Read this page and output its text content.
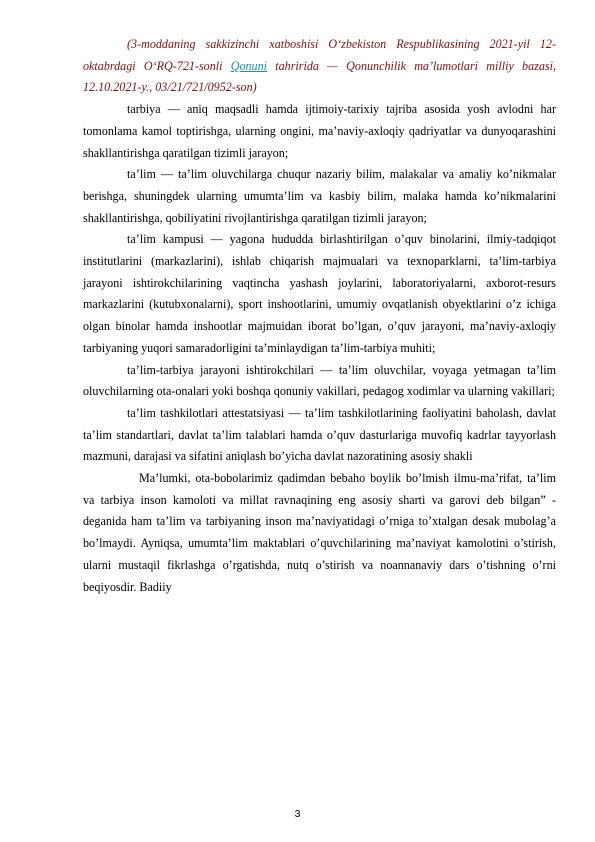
(3-moddaning sakkizinchi xatboshisi O‘zbekiston Respublikasining 2021-yil 12-oktabrdagi O‘RQ-721-sonli Qonuni tahririda — Qonunchilik ma’lumotlari milliy bazasi, 12.10.2021-y., 03/21/721/0952-son)

tarbiya — aniq maqsadli hamda ijtimoiy-tarixiy tajriba asosida yosh avlodni har tomonlama kamol toptirishga, ularning ongini, ma’naviy-axloqiy qadriyatlar va dunyoqarashini shakllantirishga qaratilgan tizimli jarayon;

ta’lim — ta’lim oluvchilarga chuqur nazariy bilim, malakalar va amaliy ko’nikmalar berishga, shuningdek ularning umumta’lim va kasbiy bilim, malaka hamda ko’nikmalarini shakllantirishga, qobiliyatini rivojlantirishga qaratilgan tizimli jarayon;

ta’lim kampusi — yagona hududda birlashtirilgan o’quv binolarini, ilmiy-tadqiqot institutlarini (markazlarini), ishlab chiqarish majmualari va texnoparklarni, ta’lim-tarbiya jarayoni ishtirokchilarining vaqtincha yashash joylarini, laboratoriyalarni, axborot-resurs markazlarini (kutubxonalarni), sport inshootlarini, umumiy ovqatlanish obyektlarini o’z ichiga olgan binolar hamda inshootlar majmuidan iborat bo’lgan, o’quv jarayoni, ma’naviy-axloqiy tarbiyaning yuqori samaradorligini ta’minlaydigan ta’lim-tarbiya muhiti;

ta’lim-tarbiya jarayoni ishtirokchilari — ta’lim oluvchilar, voyaga yetmagan ta’lim oluvchilarning ota-onalari yoki boshqa qonuniy vakillari, pedagog xodimlar va ularning vakillari;

ta’lim tashkilotlari attestatsiyasi — ta’lim tashkilotlarining faoliyatini baholash, davlat ta’lim standartlari, davlat ta’lim talablari hamda o’quv dasturlariga muvofiq kadrlar tayyorlash mazmuni, darajasi va sifatini aniqlash bo’yicha davlat nazoratining asosiy shakli

Ma’lumki, ota-bobolarimiz qadimdan bebaho boylik bo’lmish ilmu-ma’rifat, ta’lim va tarbiya inson kamoloti va millat ravnaqining eng asosiy sharti va garovi deb bilgan” - deganida ham ta’lim va tarbiyaning inson ma’naviyatidagi o’rniga to’xtalgan desak mubolag’a bo’lmaydi. Ayniqsa, umumta’lim maktablari o’quvchilarining ma’naviyat kamolotini o’stirish, ularni mustaqil fikrlashga o’rgatishda, nutq o’stirish va noannanaviy dars o’tishning o’rni beqiyosdir. Badiiy

3
